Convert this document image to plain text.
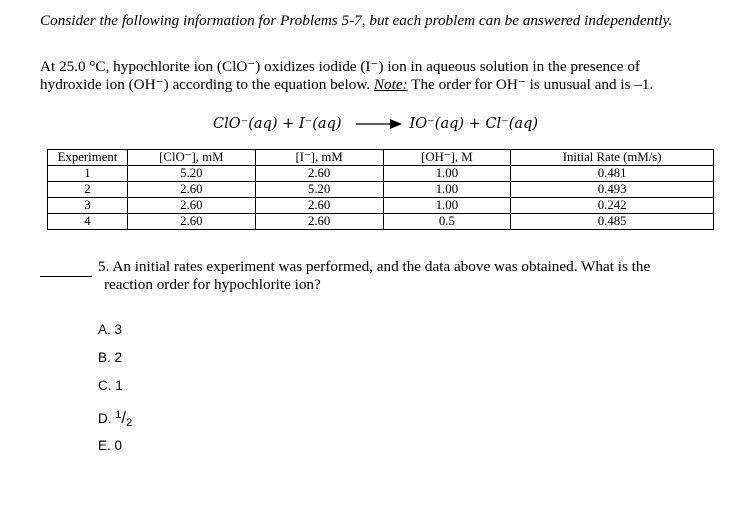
Consider the following information for Problems 5-7, but each problem can be answered independently.
At 25.0 °C, hypochlorite ion (ClO⁻) oxidizes iodide (I⁻) ion in aqueous solution in the presence of
hydroxide ion (OH⁻) according to the equation below. Note: The order for OH⁻ is unusual and is –1.
ClO⁻(aq) + I⁻(aq) → IO⁻(aq) + Cl⁻(aq)
Experiment	[ClO⁻], mM	[I⁻], mM	[OH⁻], M	Initial Rate (mM/s)
1	5.20	2.60	1.00	0.481
2	2.60	5.20	1.00	0.493
3	2.60	2.60	1.00	0.242
4	2.60	2.60	0.5	0.485
5. An initial rates experiment was performed, and the data above was obtained. What is the
reaction order for hypochlorite ion?
A. 3
B. 2
C. 1
D. $^1/_2$
E. 0
